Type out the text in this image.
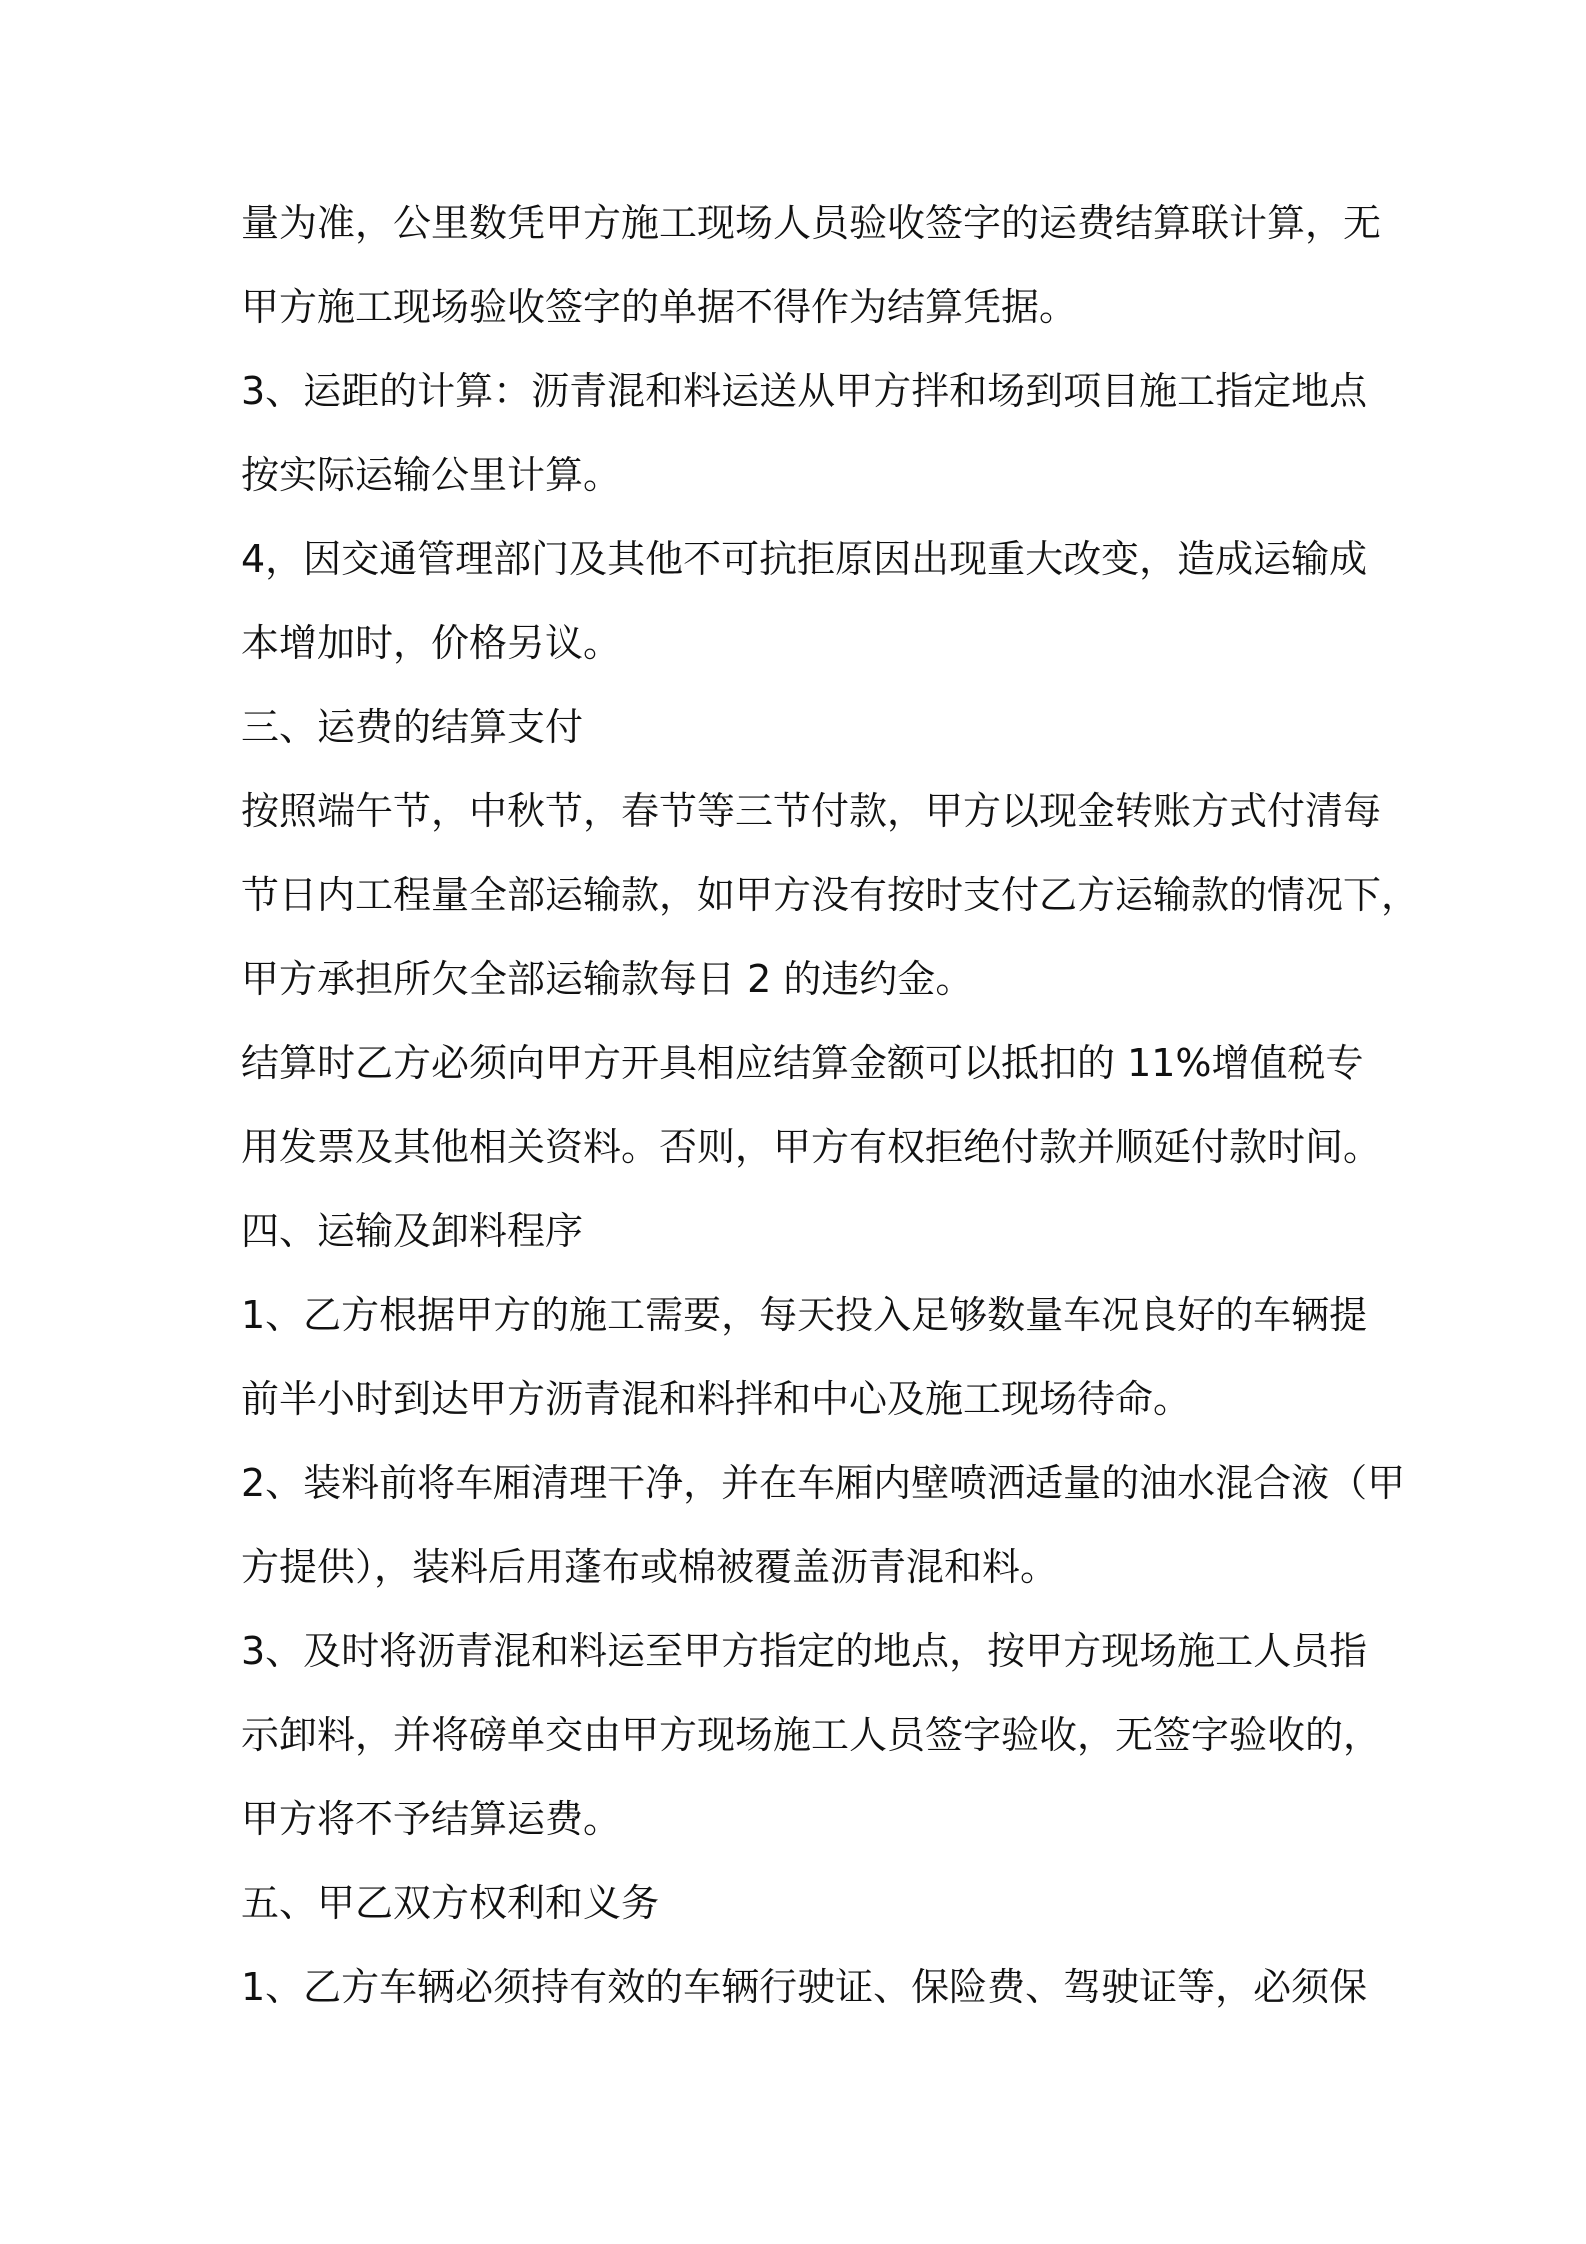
量为准，公里数凭甲方施工现场人员验收签字的运费结算联计算，无
甲方施工现场验收签字的单据不得作为结算凭据。
3、运距的计算：沥青混和料运送从甲方拌和场到项目施工指定地点
按实际运输公里计算。
4，因交通管理部门及其他不可抗拒原因出现重大改变，造成运输成
本增加时，价格另议。
三、运费的结算支付
按照端午节，中秋节，春节等三节付款，甲方以现金转账方式付清每
节日内工程量全部运输款，如甲方没有按时支付乙方运输款的情况下，
甲方承担所欠全部运输款每日 2 的违约金。
结算时乙方必须向甲方开具相应结算金额可以抵扣的 11%增值税专
用发票及其他相关资料。否则，甲方有权拒绝付款并顺延付款时间。
四、运输及卸料程序
1、乙方根据甲方的施工需要，每天投入足够数量车况良好的车辆提
前半小时到达甲方沥青混和料拌和中心及施工现场待命。
2、装料前将车厢清理干净，并在车厢内壁喷洒适量的油水混合液（甲
方提供），装料后用蓬布或棉被覆盖沥青混和料。
3、及时将沥青混和料运至甲方指定的地点，按甲方现场施工人员指
示卸料，并将磅单交由甲方现场施工人员签字验收，无签字验收的，
甲方将不予结算运费。
五、甲乙双方权利和义务
1、乙方车辆必须持有效的车辆行驶证、保险费、驾驶证等，必须保
